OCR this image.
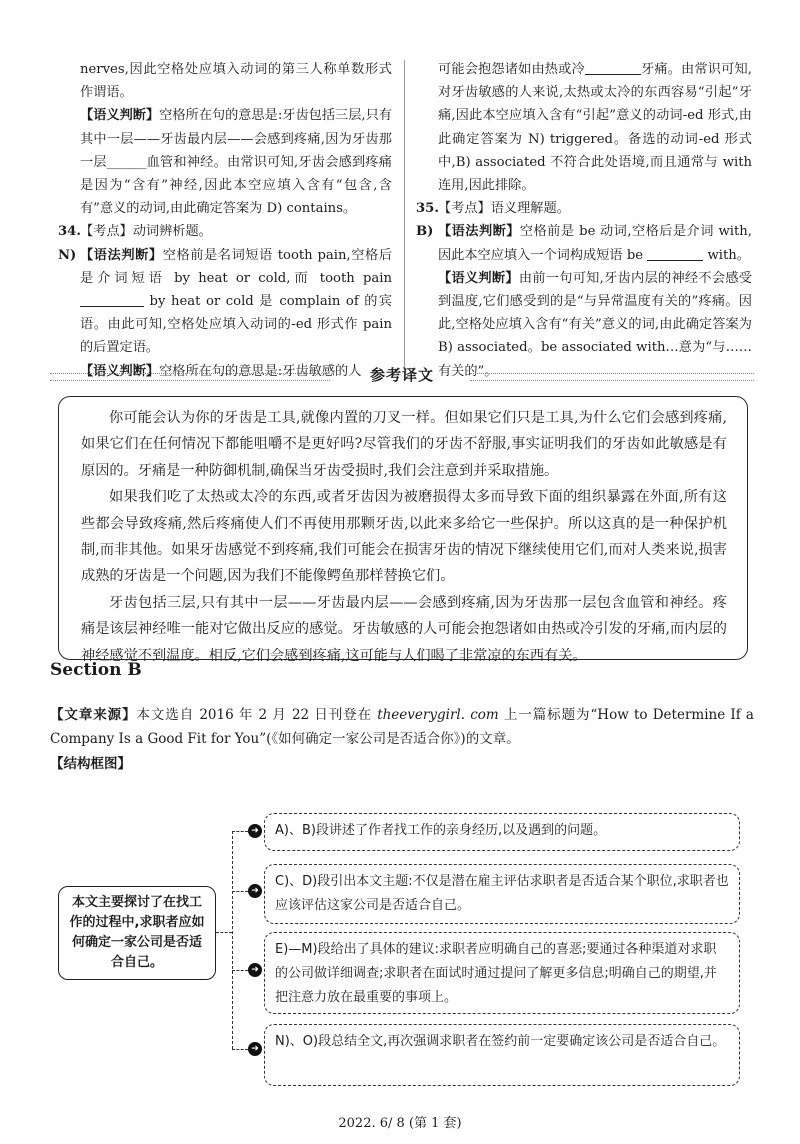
nerves,因此空格处应填入动词的第三人称单数形式作谓语。

【语义判断】空格所在句的意思是:牙齿包括三层,只有其中一层——牙齿最内层——会感到疼痛,因为牙齿那一层______血管和神经。由常识可知,牙齿会感到疼痛是因为“含有”神经,因此本空应填入含有“包含,含有”意义的动词,由此确定答案为 D) contains。

34. 【考点】动词辨析题。
N) 【语法判断】空格前是名词短语 tooth pain,空格后是介词短语 by heat or cold,而 tooth pain  by heat or cold 是 complain of 的宾语。由此可知,空格处应填入动词的-ed 形式作 pain 的后置定语。

【语义判断】空格所在句的意思是:牙齿敏感的人

可能会抱怨诸如由热或冷	牙痛。由常识可知,对牙齿敏感的人来说,太热或太冷的东西容易“引起”牙痛,因此本空应填入含有“引起”意义的动词-ed 形式,由此确定答案为 N) triggered。备选的动词-ed 形式中,B) associated 不符合此处语境,而且通常与 with 连用,因此排除。

35. 【考点】语义理解题。
B) 【语法判断】空格前是 be 动词,空格后是介词 with,因此本空应填入一个词构成短语 be	with。

【语义判断】由前一句可知,牙齿内层的神经不会感受到温度,它们感受到的是“与异常温度有关的”疼痛。因此,空格处应填入含有“有关”意义的词,由此确定答案为 B) associated。be associated with…意为“与……有关的”。

参考译文

你可能会认为你的牙齿是工具,就像内置的刀叉一样。但如果它们只是工具,为什么它们会感到疼痛,如果它们在任何情况下都能咀嚼不是更好吗?尽管我们的牙齿不舒服,事实证明我们的牙齿如此敏感是有原因的。牙痛是一种防御机制,确保当牙齿受损时,我们会注意到并采取措施。

如果我们吃了太热或太冷的东西,或者牙齿因为被磨损得太多而导致下面的组织暴露在外面,所有这些都会导致疼痛,然后疼痛使人们不再使用那颗牙齿,以此来多给它一些保护。所以这真的是一种保护机制,而非其他。如果牙齿感觉不到疼痛,我们可能会在损害牙齿的情况下继续使用它们,而对人类来说,损害成熟的牙齿是一个问题,因为我们不能像鳄鱼那样替换它们。

牙齿包括三层,只有其中一层——牙齿最内层——会感到疼痛,因为牙齿那一层包含血管和神经。疼痛是该层神经唯一能对它做出反应的感觉。牙齿敏感的人可能会抱怨诸如由热或冷引发的牙痛,而内层的神经感觉不到温度。相反,它们会感到疼痛,这可能与人们喝了非常凉的东西有关。

Section B
【文章来源】本文选自 2016 年 2 月 22 日刊登在 theeverygirl. com 上一篇标题为“How to Determine If a Company Is a Good Fit for You”(《如何确定一家公司是否适合你》)的文章。
【结构框图】
本文主要探讨了在找工作的过程中,求职者应如何确定一家公司是否适合自己。
➜	A)、B)段讲述了作者找工作的亲身经历,以及遇到的问题。
➜
C)、D)段引出本文主题:不仅是潜在雇主评估求职者是否适合某个职位,求职者也应该评估这家公司是否适合自己。
➜
E)—M)段给出了具体的建议:求职者应明确自己的喜恶;要通过各种渠道对求职的公司做详细调查;求职者在面试时通过提问了解更多信息;明确自己的期望,并把注意力放在最重要的事项上。
➜	N)、O)段总结全文,再次强调求职者在签约前一定要确定该公司是否适合自己。
2022. 6/ 8 (第 1 套)
